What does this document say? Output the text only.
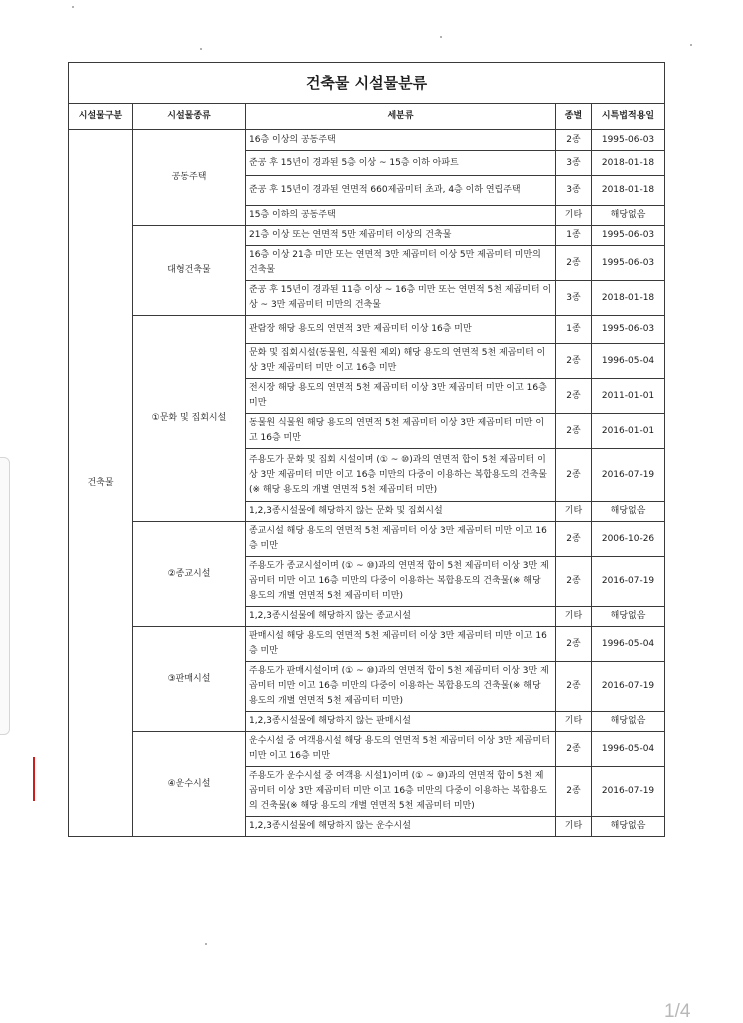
건축물 시설물분류				
시설물구분	시설물종류	세분류	종별	시특법적용일
건축물	공동주택	16층 이상의 공동주택	2종	1995-06-03
		준공 후 15년이 경과된 5층 이상 ~ 15층 이하 아파트	3종	2018-01-18
		준공 후 15년이 경과된 연면적 660제곱미터 초과, 4층 이하 연립주택	3종	2018-01-18
		15층 이하의 공동주택	기타	해당없음
	대형건축물	21층 이상 또는 연면적 5만 제곱미터 이상의 건축물	1종	1995-06-03
		16층 이상 21층 미만 또는 연면적 3만 제곱미터 이상 5만 제곱미터 미만의 건축물	2종	1995-06-03
		준공 후 15년이 경과된 11층 이상 ~ 16층 미만 또는 연면적 5천 제곱미터 이상 ~ 3만 제곱미터 미만의 건축물	3종	2018-01-18
	①문화 및 집회시설	관람장 해당 용도의 연면적 3만 제곱미터 이상 16층 미만	1종	1995-06-03
		문화 및 집회시설(동물원, 식물원 제외) 해당 용도의 연면적 5천 제곱미터 이상 3만 제곱미터 미만 이고 16층 미만	2종	1996-05-04
		전시장 해당 용도의 연면적 5천 제곱미터 이상 3만 제곱미터 미만 이고 16층 미만	2종	2011-01-01
		동물원 식물원 해당 용도의 연면적 5천 제곱미터 이상 3만 제곱미터 미만 이고 16층 미만	2종	2016-01-01
		주용도가 문화 및 집회 시설이며 (① ~ ⑩)과의 연면적 합이 5천 제곱미터 이상 3만 제곱미터 미만 이고 16층 미만의 다중이 이용하는 복합용도의 건축물(※ 해당 용도의 개별 연면적 5천 제곱미터 미만)	2종	2016-07-19
		1,2,3종시설물에 해당하지 않는 문화 및 집회시설	기타	해당없음
	②종교시설	종교시설 해당 용도의 연면적 5천 제곱미터 이상 3만 제곱미터 미만 이고 16층 미만	2종	2006-10-26
		주용도가 종교시설이며 (① ~ ⑩)과의 연면적 합이 5천 제곱미터 이상 3만 제곱미터 미만 이고 16층 미만의 다중이 이용하는 복합용도의 건축물(※ 해당 용도의 개별 연면적 5천 제곱미터 미만)	2종	2016-07-19
		1,2,3종시설물에 해당하지 않는 종교시설	기타	해당없음
	③판매시설	판매시설 해당 용도의 연면적 5천 제곱미터 이상 3만 제곱미터 미만 이고 16층 미만	2종	1996-05-04
		주용도가 판매시설이며 (① ~ ⑩)과의 연면적 합이 5천 제곱미터 이상 3만 제곱미터 미만 이고 16층 미만의 다중이 이용하는 복합용도의 건축물(※ 해당 용도의 개별 연면적 5천 제곱미터 미만)	2종	2016-07-19
		1,2,3종시설물에 해당하지 않는 판매시설	기타	해당없음
	④운수시설	운수시설 중 여객용시설 해당 용도의 연면적 5천 제곱미터 이상 3만 제곱미터 미만 이고 16층 미만	2종	1996-05-04
		주용도가 운수시설 중 여객용 시설1)이며 (① ~ ⑩)과의 연면적 합이 5천 제곱미터 이상 3만 제곱미터 미만 이고 16층 미만의 다중이 이용하는 복합용도의 건축물(※ 해당 용도의 개별 연면적 5천 제곱미터 미만)	2종	2016-07-19
		1,2,3종시설물에 해당하지 않는 운수시설	기타	해당없음
1/4
